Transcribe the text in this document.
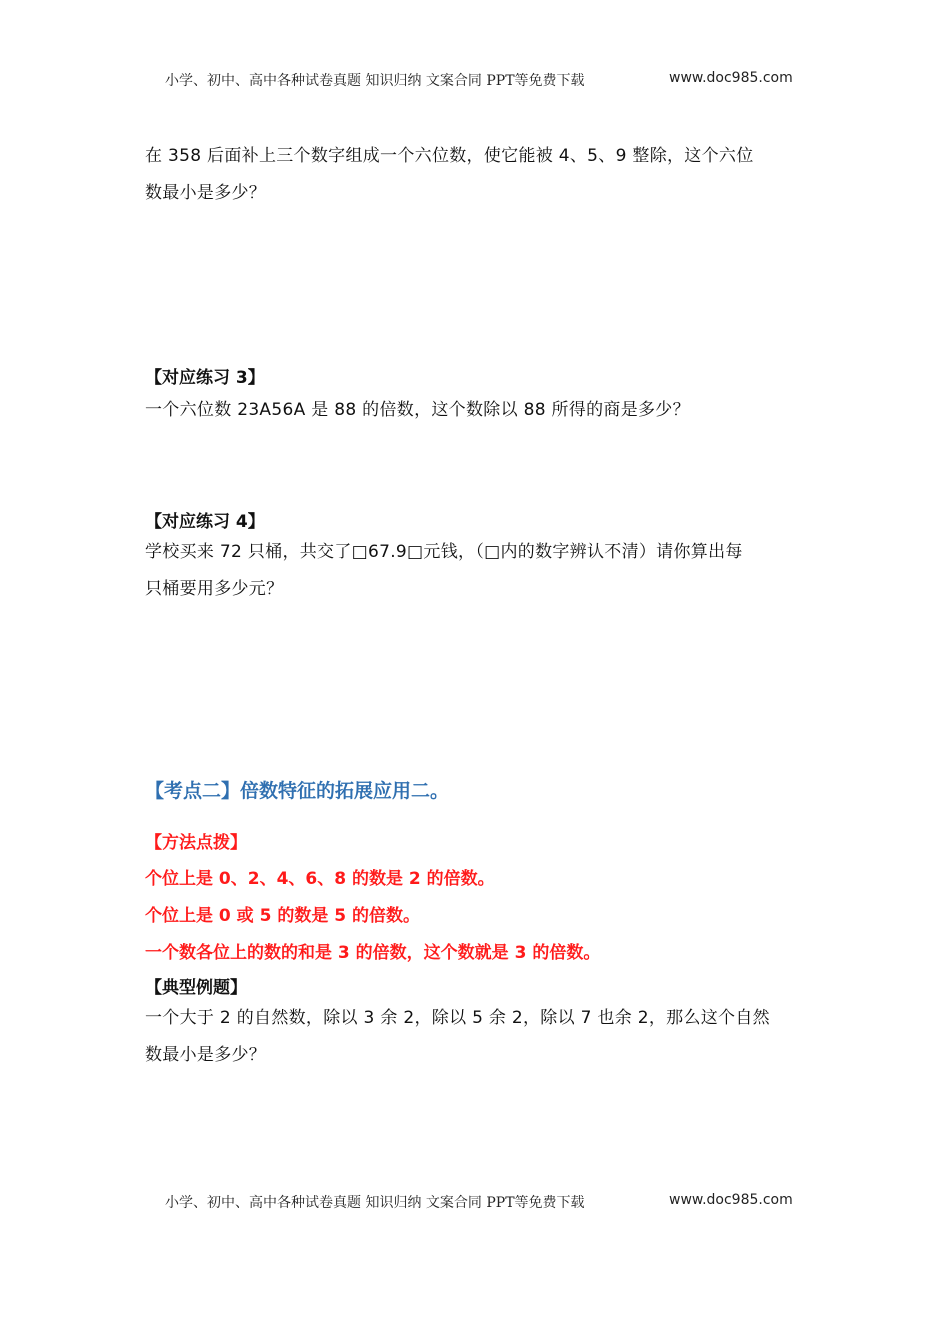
小学、初中、高中各种试卷真题 知识归纳 文案合同 PPT等免费下载	www.doc985.com
在 358 后面补上三个数字组成一个六位数，使它能被 4、5、9 整除，这个六位
数最小是多少？
【对应练习 3】
一个六位数 23A56A 是 88 的倍数，这个数除以 88 所得的商是多少？
【对应练习 4】
学校买来 72 只桶，共交了□67.9□元钱，（□内的数字辨认不清）请你算出每
只桶要用多少元？
【考点二】倍数特征的拓展应用二。
【方法点拨】
个位上是 0、2、4、6、8 的数是 2 的倍数。
个位上是 0 或 5 的数是 5 的倍数。
一个数各位上的数的和是 3 的倍数，这个数就是 3 的倍数。
【典型例题】
一个大于 2 的自然数，除以 3 余 2，除以 5 余 2，除以 7 也余 2，那么这个自然
数最小是多少？
小学、初中、高中各种试卷真题 知识归纳 文案合同 PPT等免费下载	www.doc985.com
